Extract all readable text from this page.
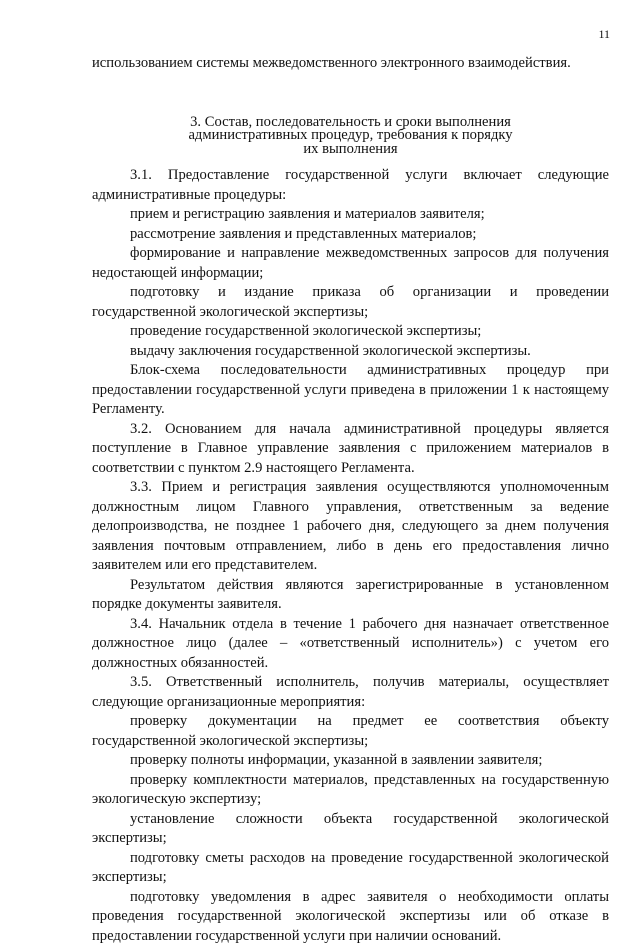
11

использованием системы межведомственного электронного взаимодействия.

3. Состав, последовательность и сроки выполнения
административных процедур, требования к порядку
их выполнения

3.1. Предоставление государственной услуги включает следующие административные процедуры:

прием и регистрацию заявления и материалов заявителя;

рассмотрение заявления и представленных материалов;

формирование и направление межведомственных запросов для получения недостающей информации;

подготовку и издание приказа об организации и проведении государственной экологической экспертизы;

проведение государственной экологической экспертизы;

выдачу заключения государственной экологической экспертизы.

Блок-схема последовательности административных процедур при предоставлении государственной услуги приведена в приложении 1 к настоящему Регламенту.

3.2. Основанием для начала административной процедуры является поступление в Главное управление заявления с приложением материалов в соответствии с пунктом 2.9 настоящего Регламента.

3.3. Прием и регистрация заявления осуществляются уполномоченным должностным лицом Главного управления, ответственным за ведение делопроизводства, не позднее 1 рабочего дня, следующего за днем получения заявления почтовым отправлением, либо в день его предоставления лично заявителем или его представителем.

Результатом действия являются зарегистрированные в установленном порядке документы заявителя.

3.4. Начальник отдела в течение 1 рабочего дня назначает ответственное должностное лицо (далее – «ответственный исполнитель») с учетом его должностных обязанностей.

3.5. Ответственный исполнитель, получив материалы, осуществляет следующие организационные мероприятия:

проверку документации на предмет ее соответствия объекту государственной экологической экспертизы;

проверку полноты информации, указанной в заявлении заявителя;

проверку комплектности материалов, представленных на государственную экологическую экспертизу;

установление сложности объекта государственной экологической экспертизы;

подготовку сметы расходов на проведение государственной экологической экспертизы;

подготовку уведомления в адрес заявителя о необходимости оплаты проведения государственной экологической экспертизы или об отказе в предоставлении государственной услуги при наличии оснований.
